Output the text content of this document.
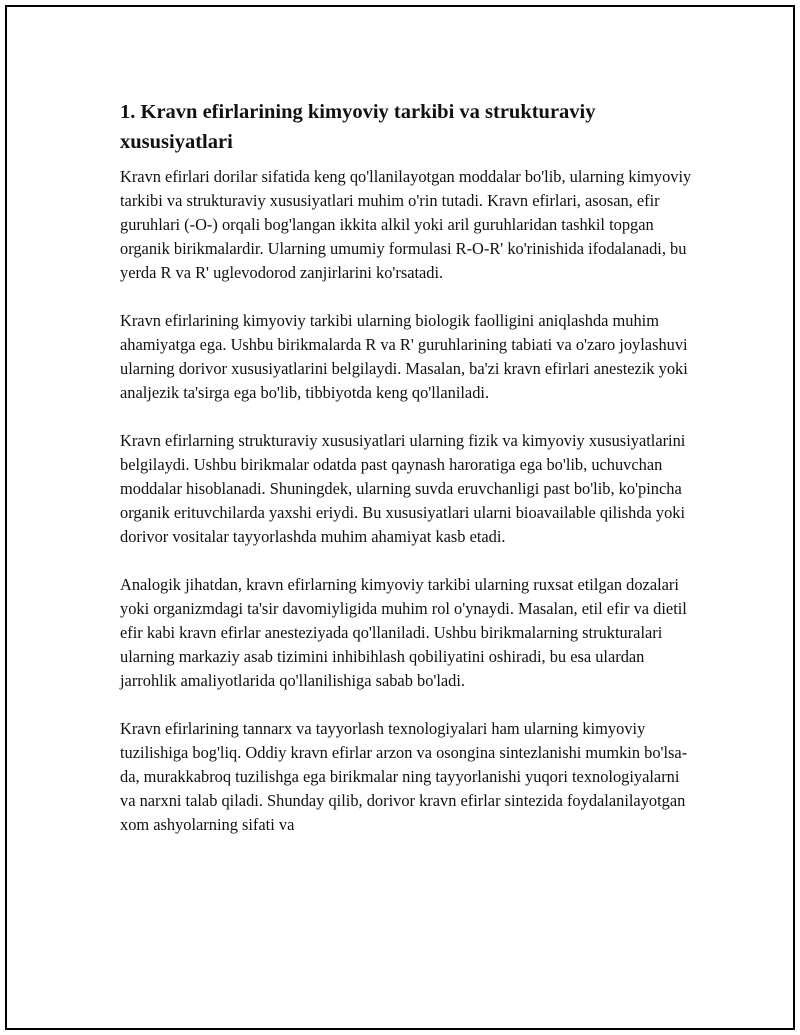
1. Kravn efirlarining kimyoviy tarkibi va strukturaviy xususiyatlari

Kravn efirlari dorilar sifatida keng qo'llanilayotgan moddalar bo'lib, ularning kimyoviy tarkibi va strukturaviy xususiyatlari muhim o'rin tutadi. Kravn efirlari, asosan, efir guruhlari (-O-) orqali bog'langan ikkita alkil yoki aril guruhlaridan tashkil topgan organik birikmalardir. Ularning umumiy formulasi R-O-R' ko'rinishida ifodalanadi, bu yerda R va R' uglevodorod zanjirlarini ko'rsatadi.

Kravn efirlarining kimyoviy tarkibi ularning biologik faolligini aniqlashda muhim ahamiyatga ega. Ushbu birikmalarda R va R' guruhlarining tabiati va o'zaro joylashuvi ularning dorivor xususiyatlarini belgilaydi. Masalan, ba'zi kravn efirlari anestezik yoki analjezik ta'sirga ega bo'lib, tibbiyotda keng qo'llaniladi.

Kravn efirlarning strukturaviy xususiyatlari ularning fizik va kimyoviy xususiyatlarini belgilaydi. Ushbu birikmalar odatda past qaynash haroratiga ega bo'lib, uchuvchan moddalar hisoblanadi. Shuningdek, ularning suvda eruvchanligi past bo'lib, ko'pincha organik erituvchilarda yaxshi eriydi. Bu xususiyatlari ularni bioavailable qilishda yoki dorivor vositalar tayyorlashda muhim ahamiyat kasb etadi.

Analogik jihatdan, kravn efirlarning kimyoviy tarkibi ularning ruxsat etilgan dozalari yoki organizmdagi ta'sir davomiyligida muhim rol o'ynaydi. Masalan, etil efir va dietil efir kabi kravn efirlar anesteziyada qo'llaniladi. Ushbu birikmalarning strukturalari ularning markaziy asab tizimini inhibihlash qobiliyatini oshiradi, bu esa ulardan jarrohlik amaliyotlarida qo'llanilishiga sabab bo'ladi.

Kravn efirlarining tannarx va tayyorlash texnologiyalari ham ularning kimyoviy tuzilishiga bog'liq. Oddiy kravn efirlar arzon va osongina sintezlanishi mumkin bo'lsa-da, murakkabroq tuzilishga ega birikmalar ning tayyorlanishi yuqori texnologiyalarni va narxni talab qiladi. Shunday qilib, dorivor kravn efirlar sintezida foydalanilayotgan xom ashyolarning sifati va
